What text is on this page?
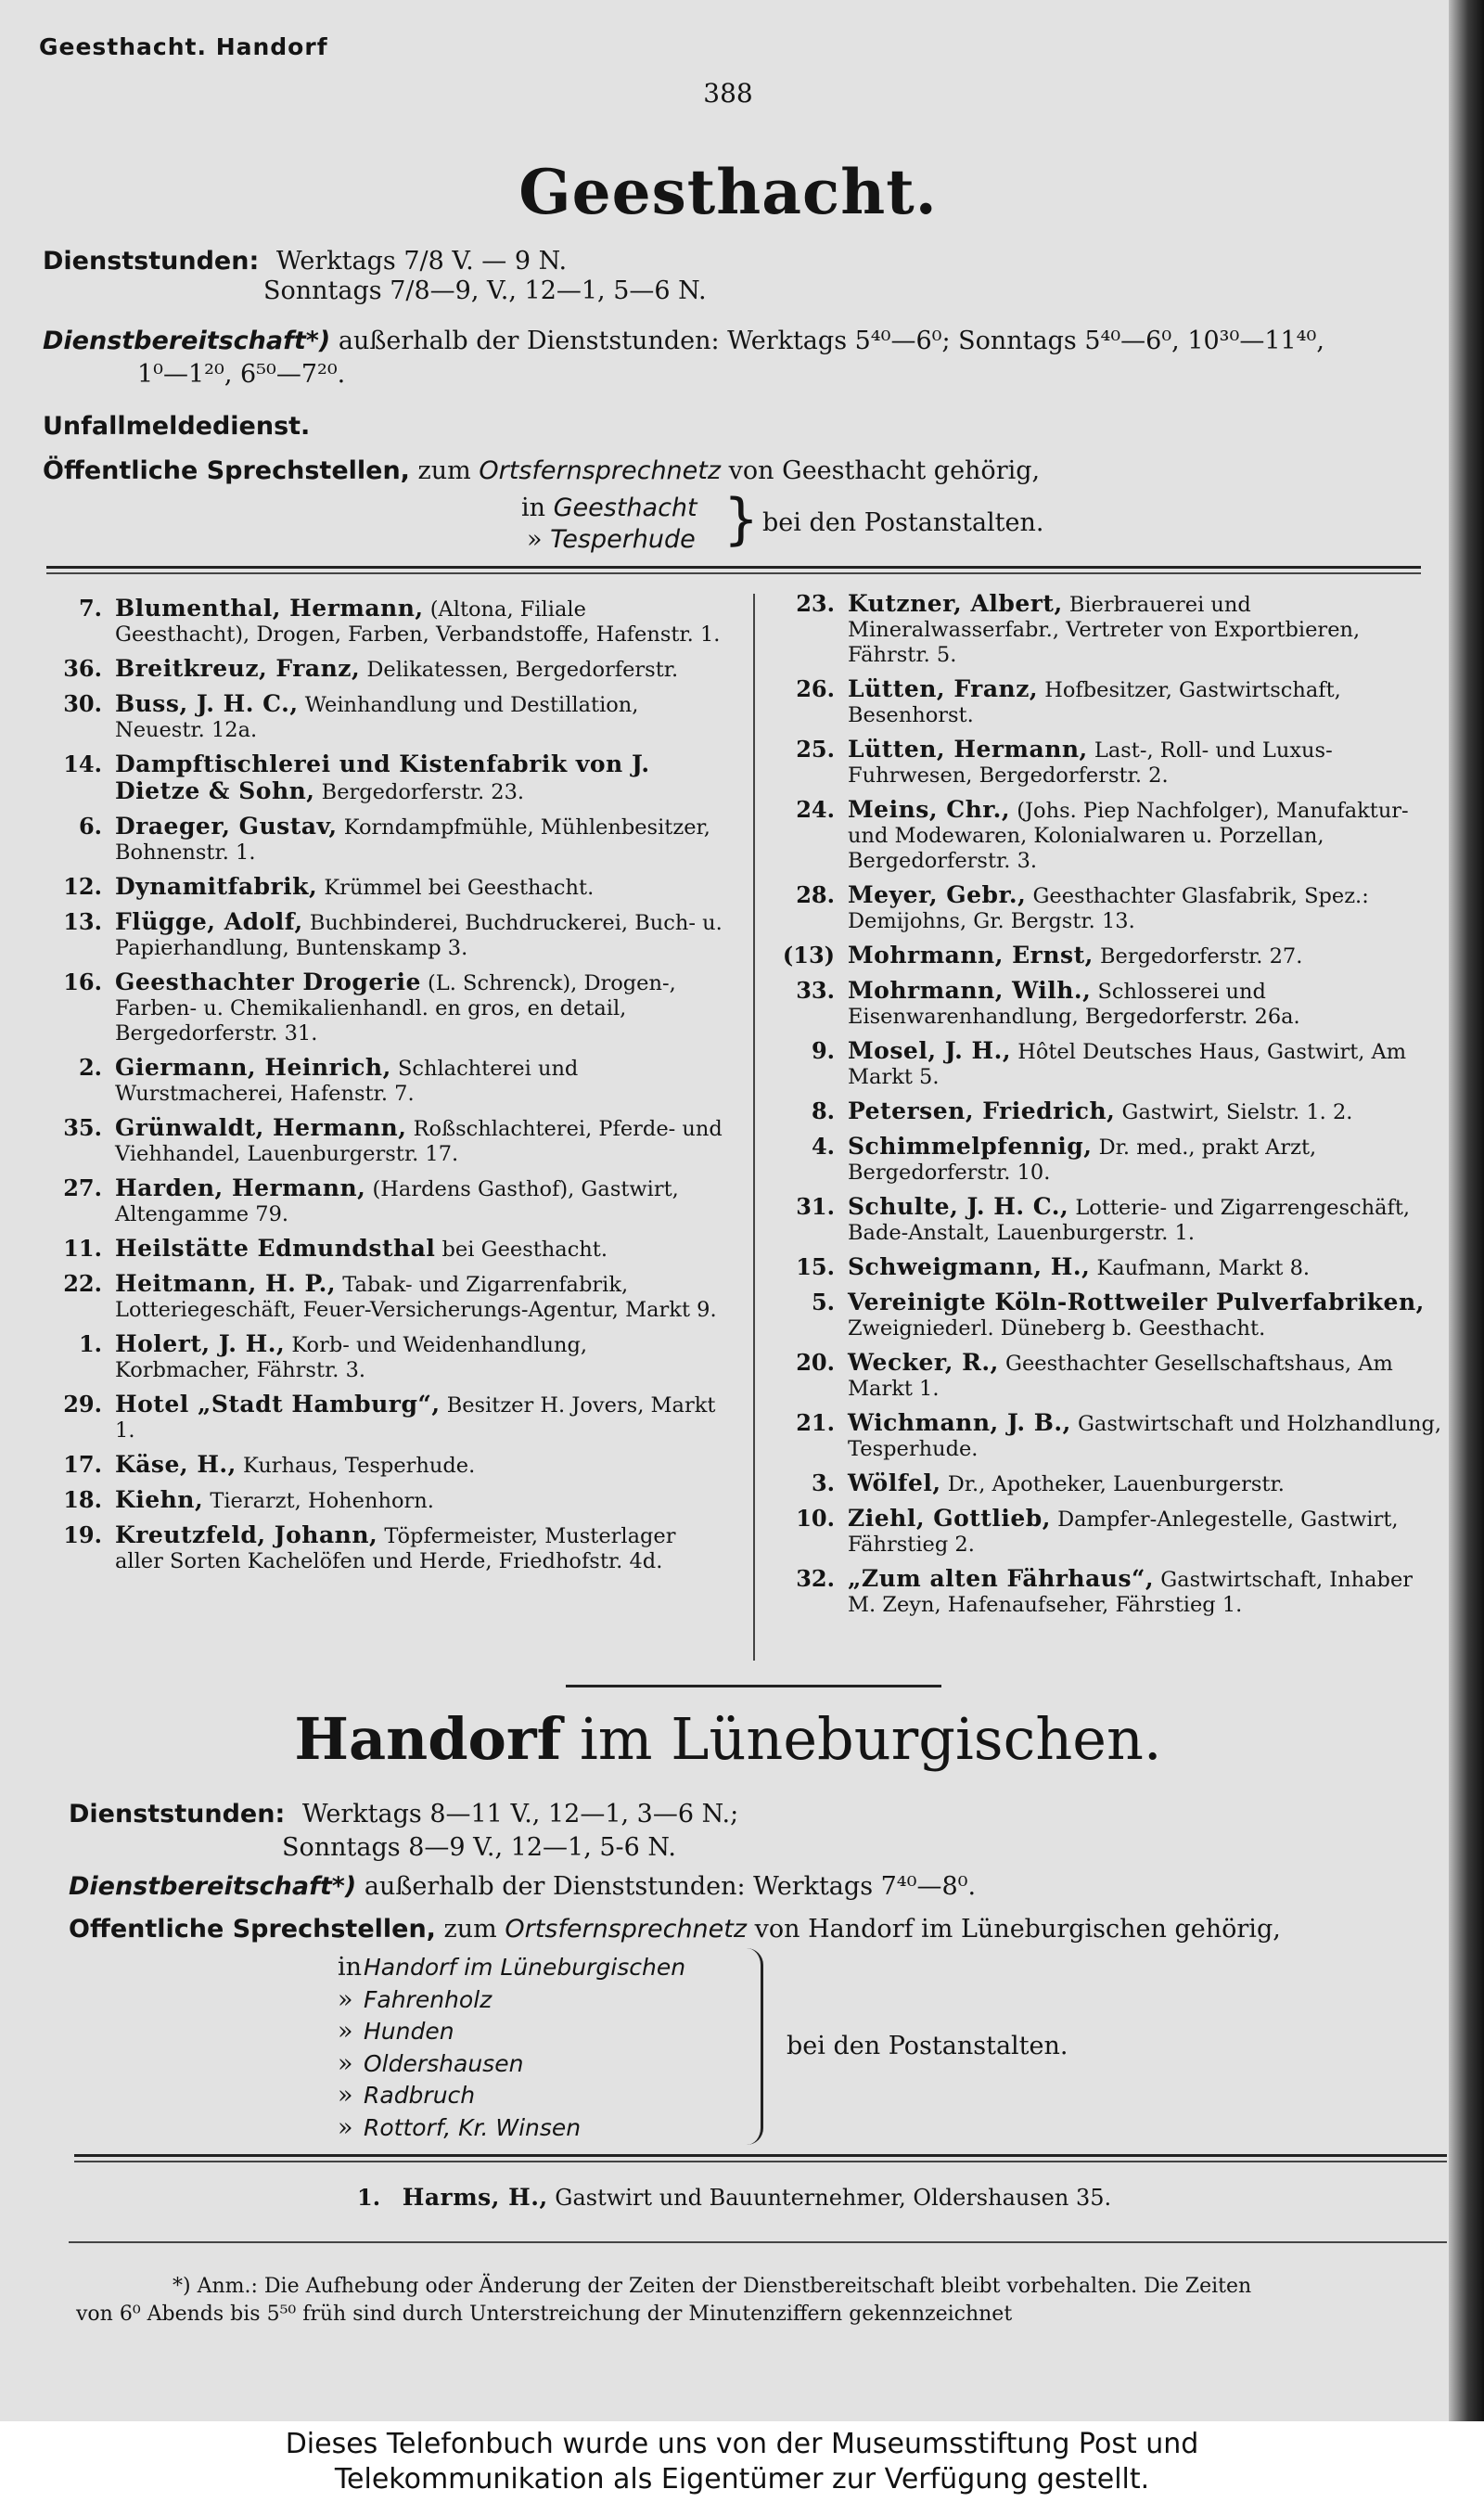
Geesthacht. Handorf
388
Geesthacht.
Dienststunden: Werktags 7/8 V. — 9 N.
Sonntags 7/8—9, V., 12—1, 5—6 N.
Dienstbereitschaft*) außerhalb der Dienststunden: Werktags 5⁴⁰—6⁰; Sonntags 5⁴⁰—6⁰, 10³⁰—11⁴⁰,
1⁰—1²⁰, 6⁵⁰—7²⁰.
Unfallmeldedienst.
Öffentliche Sprechstellen, zum Ortsfernsprechnetz von Geesthacht gehörig,
in Geesthacht
» Tesperhude } bei den Postanstalten.
7. Blumenthal, Hermann, (Altona, Filiale Geesthacht), Drogen, Farben, Verbandstoffe, Hafenstr. 1.
36. Breitkreuz, Franz, Delikatessen, Bergedorferstr.
30. Buss, J. H. C., Weinhandlung und Destillation, Neuestr. 12a.
14. Dampftischlerei und Kistenfabrik von J. Dietze & Sohn, Bergedorferstr. 23.
6. Draeger, Gustav, Korndampfmühle, Mühlenbesitzer, Bohnenstr. 1.
12. Dynamitfabrik, Krümmel bei Geesthacht.
13. Flügge, Adolf, Buchbinderei, Buchdruckerei, Buch- u. Papierhandlung, Buntenskamp 3.
16. Geesthachter Drogerie (L. Schrenck), Drogen-, Farben- u. Chemikalienhandl. en gros, en detail, Bergedorferstr. 31.
2. Giermann, Heinrich, Schlachterei und Wurstmacherei, Hafenstr. 7.
35. Grünwaldt, Hermann, Roßschlachterei, Pferde- und Viehhandel, Lauenburgerstr. 17.
27. Harden, Hermann, (Hardens Gasthof), Gastwirt, Altengamme 79.
11. Heilstätte Edmundsthal bei Geesthacht.
22. Heitmann, H. P., Tabak- und Zigarrenfabrik, Lotteriegeschäft, Feuer-Versicherungs-Agentur, Markt 9.
1. Holert, J. H., Korb- und Weidenhandlung, Korbmacher, Fährstr. 3.
29. Hotel „Stadt Hamburg“, Besitzer H. Jovers, Markt 1.
17. Käse, H., Kurhaus, Tesperhude.
18. Kiehn, Tierarzt, Hohenhorn.
19. Kreutzfeld, Johann, Töpfermeister, Musterlager aller Sorten Kachelöfen und Herde, Friedhofstr. 4d.
23. Kutzner, Albert, Bierbrauerei und Mineralwasserfabr., Vertreter von Exportbieren, Fährstr. 5.
26. Lütten, Franz, Hofbesitzer, Gastwirtschaft, Besenhorst.
25. Lütten, Hermann, Last-, Roll- und Luxus-Fuhrwesen, Bergedorferstr. 2.
24. Meins, Chr., (Johs. Piep Nachfolger), Manufaktur- und Modewaren, Kolonialwaren u. Porzellan, Bergedorferstr. 3.
28. Meyer, Gebr., Geesthachter Glasfabrik, Spez.: Demijohns, Gr. Bergstr. 13.
(13) Mohrmann, Ernst, Bergedorferstr. 27.
33. Mohrmann, Wilh., Schlosserei und Eisenwarenhandlung, Bergedorferstr. 26a.
9. Mosel, J. H., Hôtel Deutsches Haus, Gastwirt, Am Markt 5.
8. Petersen, Friedrich, Gastwirt, Sielstr. 1. 2.
4. Schimmelpfennig, Dr. med., prakt Arzt, Bergedorferstr. 10.
31. Schulte, J. H. C., Lotterie- und Zigarrengeschäft, Bade-Anstalt, Lauenburgerstr. 1.
15. Schweigmann, H., Kaufmann, Markt 8.
5. Vereinigte Köln-Rottweiler Pulverfabriken, Zweigniederl. Düneberg b. Geesthacht.
20. Wecker, R., Geesthachter Gesellschaftshaus, Am Markt 1.
21. Wichmann, J. B., Gastwirtschaft und Holzhandlung, Tesperhude.
3. Wölfel, Dr., Apotheker, Lauenburgerstr.
10. Ziehl, Gottlieb, Dampfer-Anlegestelle, Gastwirt, Fährstieg 2.
32. „Zum alten Fährhaus“, Gastwirtschaft, Inhaber M. Zeyn, Hafenaufseher, Fährstieg 1.
Handorf im Lüneburgischen.
Dienststunden: Werktags 8—11 V., 12—1, 3—6 N.;
Sonntags 8—9 V., 12—1, 5-6 N.
Dienstbereitschaft*) außerhalb der Dienststunden: Werktags 7⁴⁰—8⁰.
Offentliche Sprechstellen, zum Ortsfernsprechnetz von Handorf im Lüneburgischen gehörig,
inHandorf im Lüneburgischen
» Fahrenholz
» Hunden
» Oldershausen
» Radbruch
» Rottorf, Kr. Winsen
bei den Postanstalten.
1. Harms, H., Gastwirt und Bauunternehmer, Oldershausen 35.
*) Anm.: Die Aufhebung oder Änderung der Zeiten der Dienstbereitschaft bleibt vorbehalten. Die Zeiten
von 6⁰ Abends bis 5⁵⁰ früh sind durch Unterstreichung der Minutenziffern gekennzeichnet
Dieses Telefonbuch wurde uns von der Museumsstiftung Post und
Telekommunikation als Eigentümer zur Verfügung gestellt.
